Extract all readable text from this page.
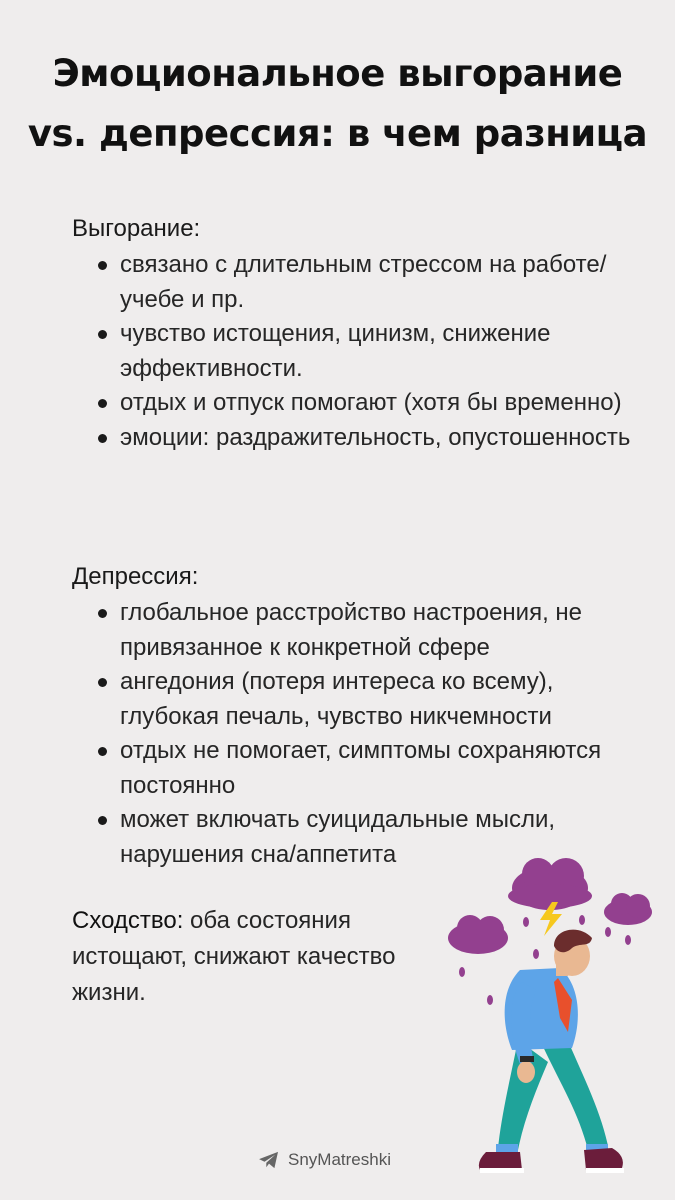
Эмоциональное выгорание vs. депрессия: в чем разница
Выгорание:
связано с длительным стрессом на работе/учебе и пр.
чувство истощения, цинизм, снижение эффективности.
отдых и отпуск помогают (хотя бы временно)
эмоции: раздражительность, опустошенность
Депрессия:
глобальное расстройство настроения, не привязанное к конкретной сфере
ангедония (потеря интереса ко всему), глубокая печаль, чувство никчемности
отдых не помогает, симптомы сохраняются постоянно
может включать суицидальные мысли, нарушения сна/аппетита

Сходство: оба состояния истощают, снижают качество жизни.

SnyMatreshki
